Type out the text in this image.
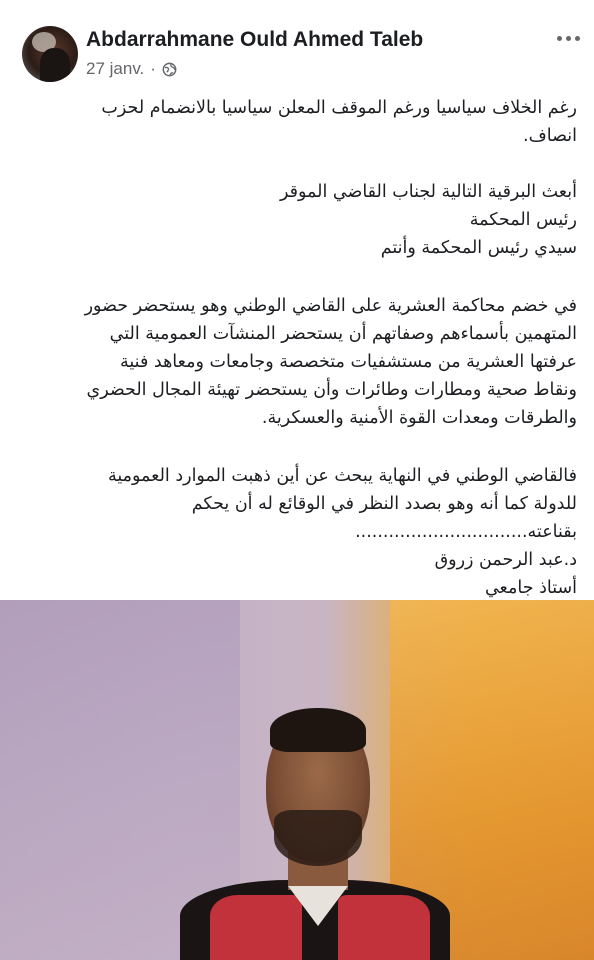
Abdarrahmane Ould Ahmed Taleb
27 janv. ·

رغم الخلاف سياسيا ورغم الموقف المعلن سياسيا بالانضمام لحزب
انصاف.

أبعث البرقية التالية لجناب القاضي الموقر
رئيس المحكمة
سيدي رئيس المحكمة وأنتم

في خضم محاكمة العشرية على القاضي الوطني وهو يستحضر حضور
المتهمين بأسماءهم وصفاتهم أن يستحضر المنشآت العمومية التي
عرفتها العشرية من مستشفيات متخصصة وجامعات ومعاهد فنية
ونقاط صحية ومطارات وطائرات وأن يستحضر تهيئة المجال الحضري
والطرقات ومعدات القوة الأمنية والعسكرية.

فالقاضي الوطني في النهاية يبحث عن أين ذهبت الموارد العمومية
للدولة كما أنه وهو بصدد النظر في الوقائع له أن يحكم
بقناعته...............................
د.عبد الرحمن زروق
أستاذ جامعي
